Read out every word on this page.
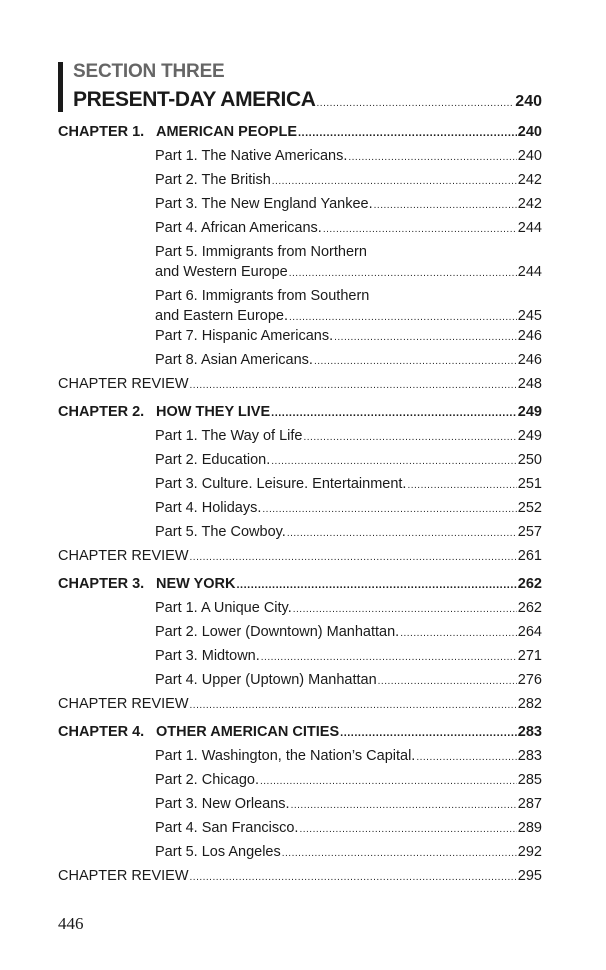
SECTION THREE
PRESENT-DAY AMERICA .....	240
CHAPTER 1. AMERICAN PEOPLE .....	240
Part 1. The Native Americans. .....	240
Part 2. The British .....	242
Part 3. The New England Yankee. .....	242
Part 4. African Americans. .....	244
Part 5. Immigrants from Northern
and Western Europe .....	244
Part 6. Immigrants from Southern
and Eastern Europe. .....	245
Part 7. Hispanic Americans. .....	246
Part 8. Asian Americans. .....	246
CHAPTER REVIEW .....	248
CHAPTER 2. HOW THEY LIVE .....	249
Part 1. The Way of Life .....	249
Part 2. Education. .....	250
Part 3. Culture. Leisure. Entertainment. .....	251
Part 4. Holidays. .....	252
Part 5. The Cowboy. .....	257
CHAPTER REVIEW .....	261
CHAPTER 3. NEW YORK .....	262
Part 1. A Unique City. .....	262
Part 2. Lower (Downtown) Manhattan. .....	264
Part 3. Midtown. .....	271
Part 4. Upper (Uptown) Manhattan .....	276
CHAPTER REVIEW .....	282
CHAPTER 4. OTHER AMERICAN CITIES .....	283
Part 1. Washington, the Nation’s Capital. .....	283
Part 2. Chicago. .....	285
Part 3. New Orleans. .....	287
Part 4. San Francisco. .....	289
Part 5. Los Angeles .....	292
CHAPTER REVIEW .....	295
446
